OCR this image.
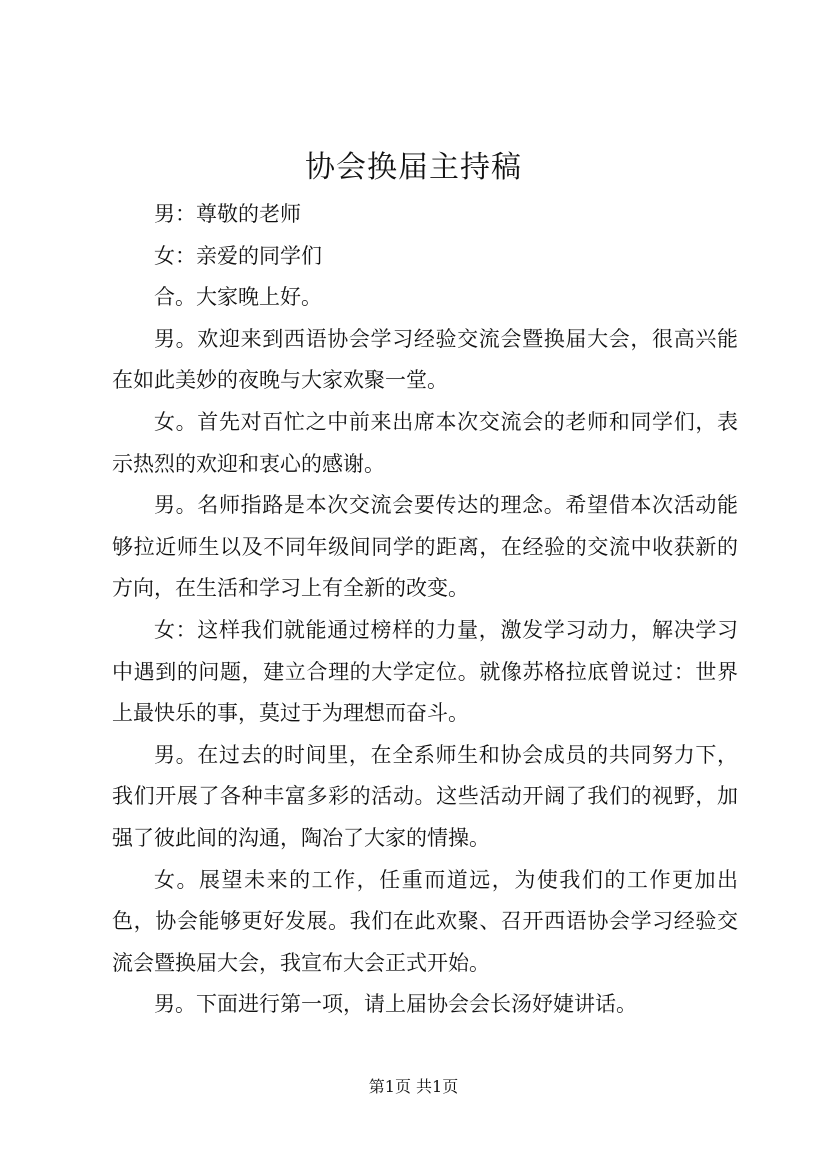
协会换届主持稿

男：尊敬的老师

女：亲爱的同学们

合。大家晚上好。

男。欢迎来到西语协会学习经验交流会暨换届大会，很高兴能在如此美妙的夜晚与大家欢聚一堂。

女。首先对百忙之中前来出席本次交流会的老师和同学们，表示热烈的欢迎和衷心的感谢。

男。名师指路是本次交流会要传达的理念。希望借本次活动能够拉近师生以及不同年级间同学的距离，在经验的交流中收获新的方向，在生活和学习上有全新的改变。

女：这样我们就能通过榜样的力量，激发学习动力，解决学习中遇到的问题，建立合理的大学定位。就像苏格拉底曾说过：世界上最快乐的事，莫过于为理想而奋斗。

男。在过去的时间里，在全系师生和协会成员的共同努力下，我们开展了各种丰富多彩的活动。这些活动开阔了我们的视野，加强了彼此间的沟通，陶冶了大家的情操。

女。展望未来的工作，任重而道远，为使我们的工作更加出色，协会能够更好发展。我们在此欢聚、召开西语协会学习经验交流会暨换届大会，我宣布大会正式开始。

男。下面进行第一项，请上届协会会长汤妤婕讲话。

第1页 共1页
